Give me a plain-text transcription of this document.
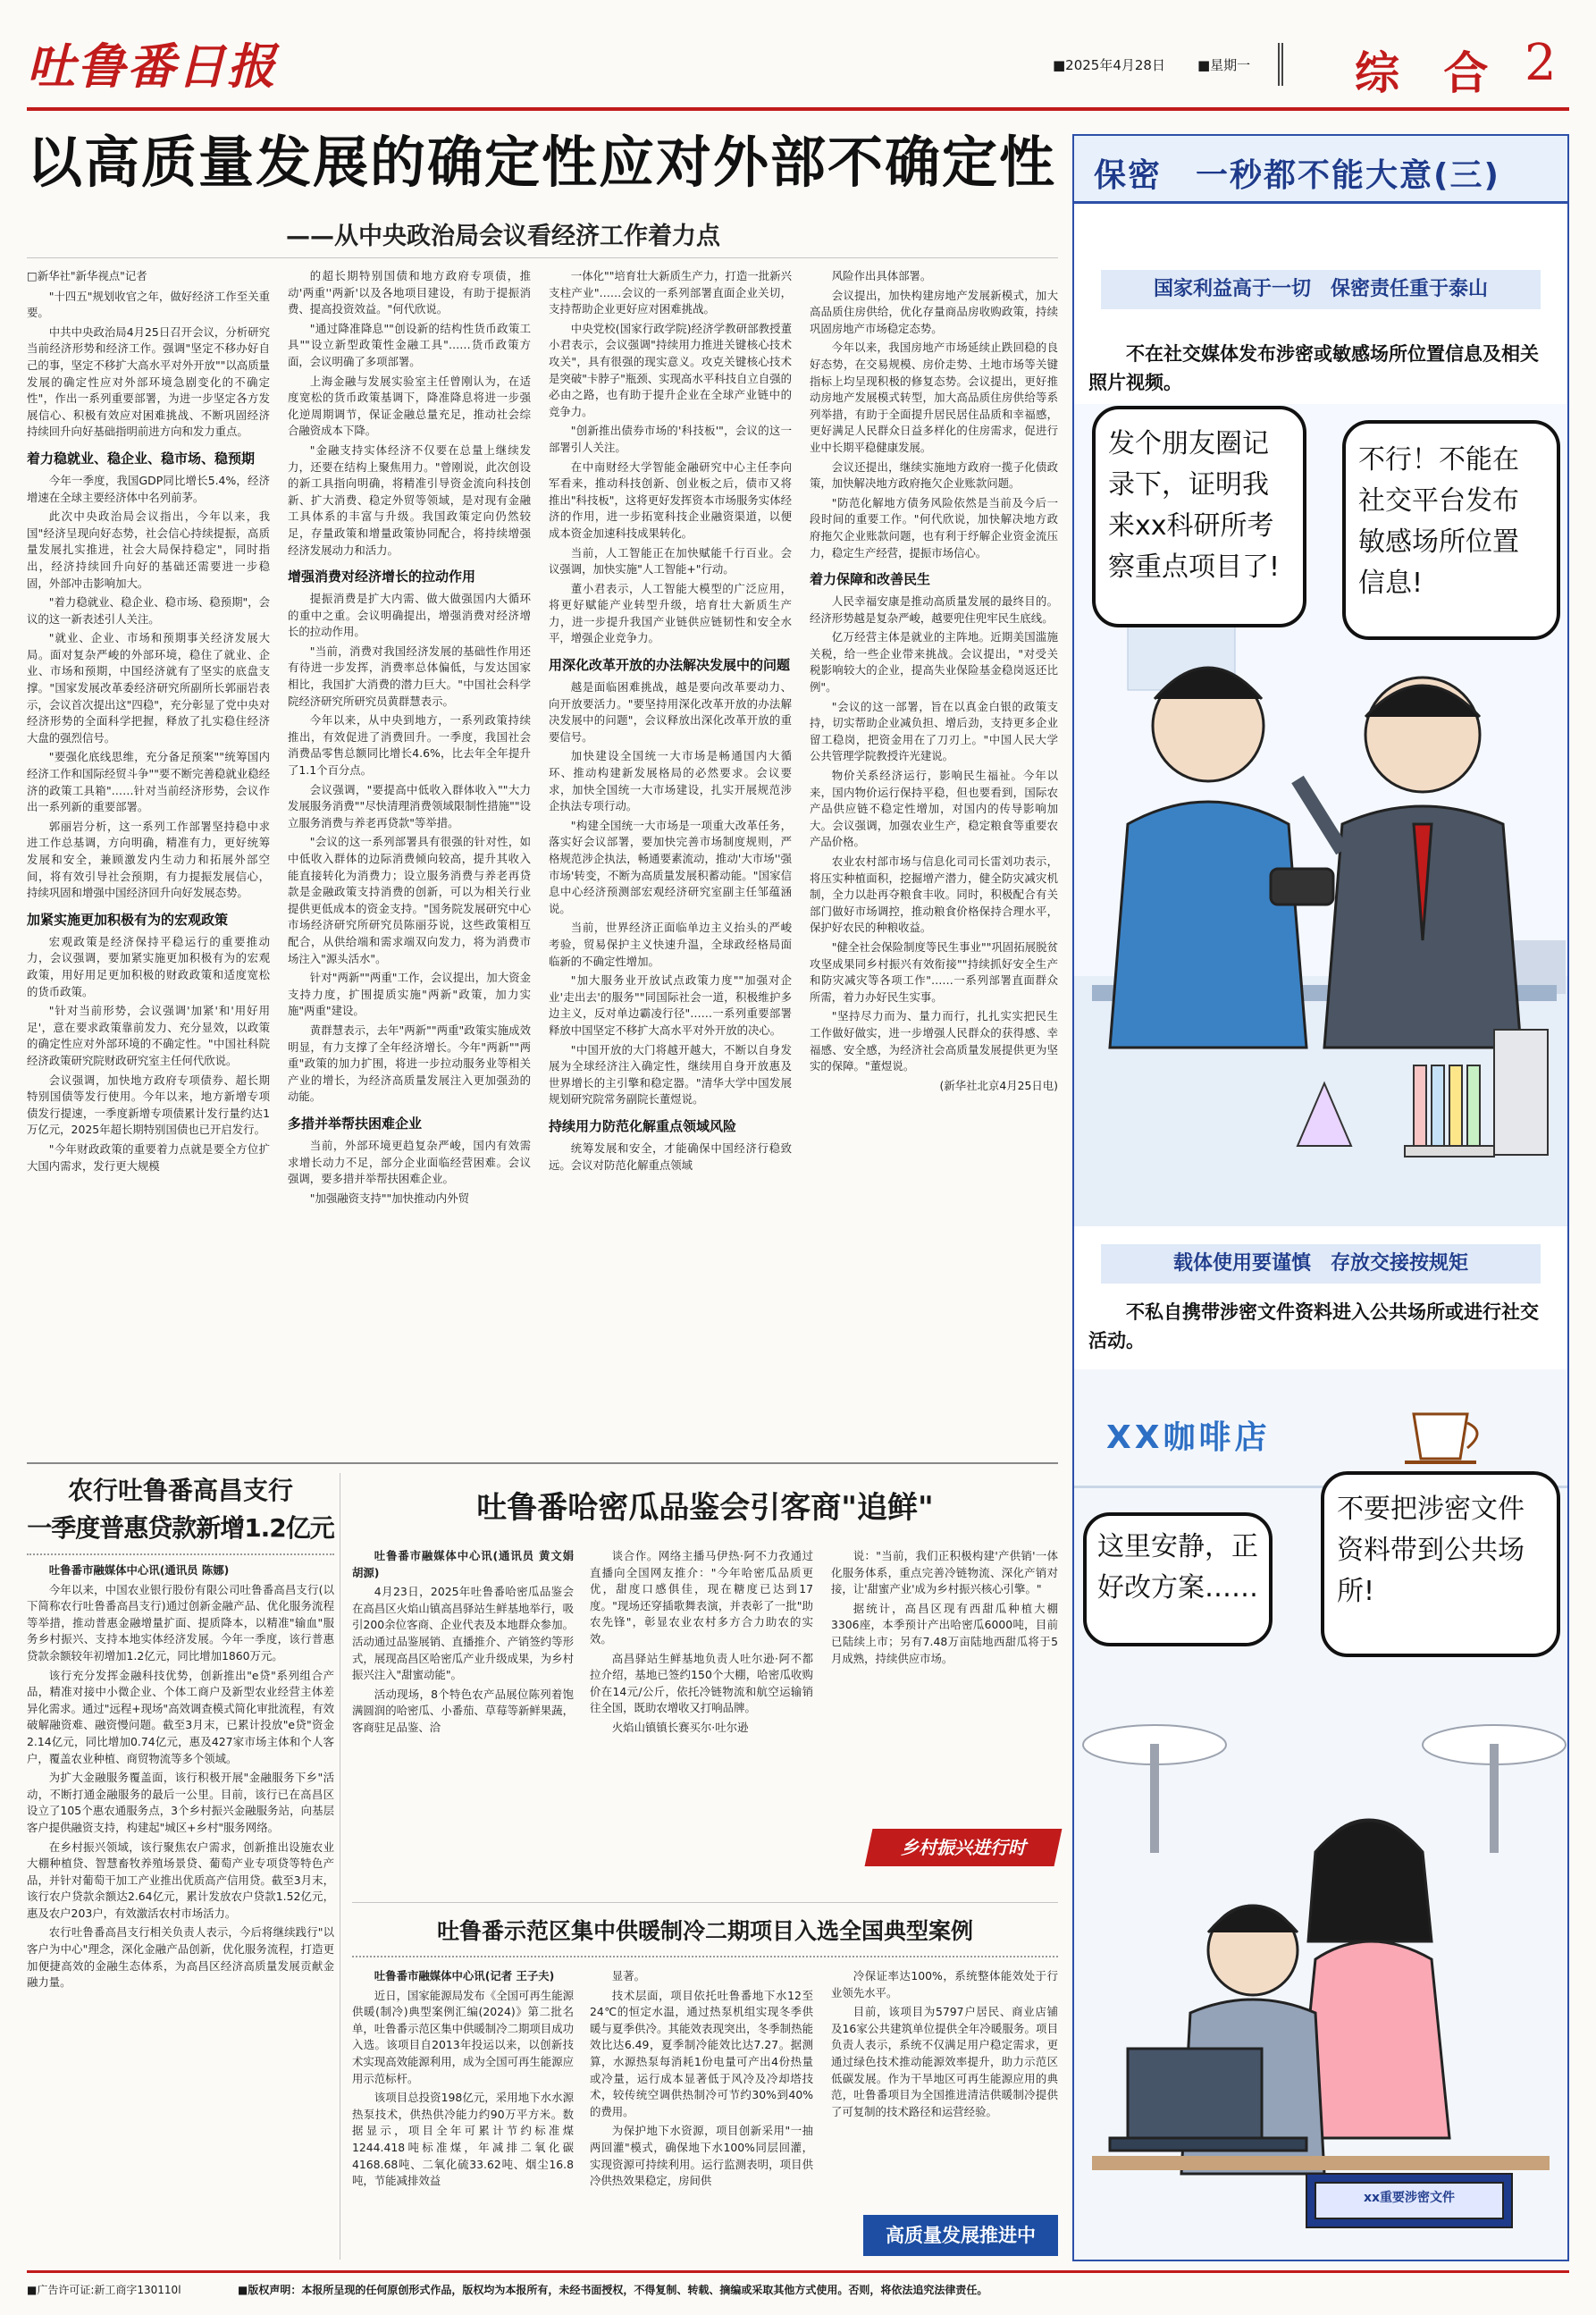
吐鲁番日报	■2025年4月28日 ■星期一 综 合 2
以高质量发展的确定性应对外部不确定性
——从中央政治局会议看经济工作着力点
□新华社"新华视点"记者

"十四五"规划收官之年，做好经济工作至关重要。

中共中央政治局4月25日召开会议，分析研究当前经济形势和经济工作。强调"坚定不移办好自己的事，坚定不移扩大高水平对外开放""以高质量发展的确定性应对外部环境急剧变化的不确定性"，作出一系列重要部署，为进一步坚定各方发展信心、积极有效应对困难挑战、不断巩固经济持续回升向好基础指明前进方向和发力重点。

着力稳就业、稳企业、稳市场、稳预期

今年一季度，我国GDP同比增长5.4%，经济增速在全球主要经济体中名列前茅。

此次中央政治局会议指出，今年以来，我国"经济呈现向好态势，社会信心持续提振，高质量发展扎实推进，社会大局保持稳定"，同时指出，经济持续回升向好的基础还需要进一步稳固，外部冲击影响加大。

"着力稳就业、稳企业、稳市场、稳预期"，会议的这一新表述引人关注。

"就业、企业、市场和预期事关经济发展大局。面对复杂严峻的外部环境，稳住了就业、企业、市场和预期，中国经济就有了坚实的底盘支撑。"国家发展改革委经济研究所副所长郭丽岩表示，会议首次提出这"四稳"，充分彰显了党中央对经济形势的全面科学把握，释放了扎实稳住经济大盘的强烈信号。

"要强化底线思维，充分备足预案""统筹国内经济工作和国际经贸斗争""要不断完善稳就业稳经济的政策工具箱"……针对当前经济形势，会议作出一系列新的重要部署。

郭丽岩分析，这一系列工作部署坚持稳中求进工作总基调，方向明确，精准有力，更好统筹发展和安全，兼顾激发内生动力和拓展外部空间，将有效引导社会预期，有力提振发展信心，持续巩固和增强中国经济回升向好发展态势。

加紧实施更加积极有为的宏观政策

宏观政策是经济保持平稳运行的重要推动力，会议强调，要加紧实施更加积极有为的宏观政策，用好用足更加积极的财政政策和适度宽松的货币政策。

"针对当前形势，会议强调'加紧'和'用好用足'，意在要求政策靠前发力、充分显效，以政策的确定性应对外部环境的不确定性。"中国社科院经济政策研究院财政研究室主任何代欣说。

会议强调，加快地方政府专项债券、超长期特别国债等发行使用。今年以来，地方新增专项债发行提速，一季度新增专项债累计发行量约达1万亿元，2025年超长期特别国债也已开启发行。

"今年财政政策的重要着力点就是要全方位扩大国内需求，发行更大规模

的超长期特别国债和地方政府专项债，推动'两重''两新'以及各地项目建设，有助于提振消费、提高投资效益。"何代欣说。

"通过降准降息""创设新的结构性货币政策工具""设立新型政策性金融工具"……货币政策方面，会议明确了多项部署。

上海金融与发展实验室主任曾刚认为，在适度宽松的货币政策基调下，降准降息将进一步强化逆周期调节，保证金融总量充足，推动社会综合融资成本下降。

"金融支持实体经济不仅要在总量上继续发力，还要在结构上聚焦用力。"曾刚说，此次创设的新工具指向明确，将精准引导资金流向科技创新、扩大消费、稳定外贸等领域，是对现有金融工具体系的丰富与升级。我国政策定向仍然较足，存量政策和增量政策协同配合，将持续增强经济发展动力和活力。

增强消费对经济增长的拉动作用

提振消费是扩大内需、做大做强国内大循环的重中之重。会议明确提出，增强消费对经济增长的拉动作用。

"当前，消费对我国经济发展的基础性作用还有待进一步发挥，消费率总体偏低，与发达国家相比，我国扩大消费的潜力巨大。"中国社会科学院经济研究所研究员黄群慧表示。

今年以来，从中央到地方，一系列政策持续推出，有效促进了消费回升。一季度，我国社会消费品零售总额同比增长4.6%，比去年全年提升了1.1个百分点。

会议强调，"要提高中低收入群体收入""大力发展服务消费""尽快清理消费领域限制性措施""设立服务消费与养老再贷款"等举措。

"会议的这一系列部署具有很强的针对性，如中低收入群体的边际消费倾向较高，提升其收入能直接转化为消费力；设立服务消费与养老再贷款是金融政策支持消费的创新，可以为相关行业提供更低成本的资金支持。"国务院发展研究中心市场经济研究所研究员陈丽芬说，这些政策相互配合，从供给端和需求端双向发力，将为消费市场注入"源头活水"。

针对"两新""两重"工作，会议提出，加大资金支持力度，扩围提质实施"两新"政策，加力实施"两重"建设。

黄群慧表示，去年"两新""两重"政策实施成效明显，有力支撑了全年经济增长。今年"两新""两重"政策的加力扩围，将进一步拉动服务业等相关产业的增长，为经济高质量发展注入更加强劲的动能。

多措并举帮扶困难企业

当前，外部环境更趋复杂严峻，国内有效需求增长动力不足，部分企业面临经营困难。会议强调，要多措并举帮扶困难企业。

"加强融资支持""加快推动内外贸

一体化""培育壮大新质生产力，打造一批新兴支柱产业"……会议的一系列部署直面企业关切，支持帮助企业更好应对困难挑战。

中央党校(国家行政学院)经济学教研部教授董小君表示，会议强调"持续用力推进关键核心技术攻关"，具有很强的现实意义。攻克关键核心技术是突破"卡脖子"瓶颈、实现高水平科技自立自强的必由之路，也有助于提升企业在全球产业链中的竞争力。

"创新推出债券市场的'科技板'"，会议的这一部署引人关注。

在中南财经大学智能金融研究中心主任李向军看来，推动科技创新、创业板之后，债市又将推出"科技板"，这将更好发挥资本市场服务实体经济的作用，进一步拓宽科技企业融资渠道，以便成本资金加速科技成果转化。

当前，人工智能正在加快赋能千行百业。会议强调，加快实施"人工智能+"行动。

董小君表示，人工智能大模型的广泛应用，将更好赋能产业转型升级，培育壮大新质生产力，进一步提升我国产业链供应链韧性和安全水平，增强企业竞争力。

用深化改革开放的办法解决发展中的问题

越是面临困难挑战，越是要向改革要动力、向开放要活力。"要坚持用深化改革开放的办法解决发展中的问题"，会议释放出深化改革开放的重要信号。

加快建设全国统一大市场是畅通国内大循环、推动构建新发展格局的必然要求。会议要求，加快全国统一大市场建设，扎实开展规范涉企执法专项行动。

"构建全国统一大市场是一项重大改革任务，落实好会议部署，要加快完善市场制度规则，严格规范涉企执法，畅通要素流动，推动'大市场''强市场'转变，不断为高质量发展积蓄动能。"国家信息中心经济预测部宏观经济研究室副主任邹蕴涵说。

当前，世界经济正面临单边主义抬头的严峻考验，贸易保护主义快速升温，全球政经格局面临新的不确定性增加。

"加大服务业开放试点政策力度""加强对企业'走出去'的服务""同国际社会一道，积极维护多边主义，反对单边霸凌行径"……一系列重要部署释放中国坚定不移扩大高水平对外开放的决心。

"中国开放的大门将越开越大，不断以自身发展为全球经济注入确定性，继续用自身开放惠及世界增长的主引擎和稳定器。"清华大学中国发展规划研究院常务副院长董煜说。

持续用力防范化解重点领域风险

统筹发展和安全，才能确保中国经济行稳致远。会议对防范化解重点领域

风险作出具体部署。

会议提出，加快构建房地产发展新模式，加大高品质住房供给，优化存量商品房收购政策，持续巩固房地产市场稳定态势。

今年以来，我国房地产市场延续止跌回稳的良好态势，在交易规模、房价走势、土地市场等关键指标上均呈现积极的修复态势。会议提出，更好推动房地产发展模式转型，加大高品质住房供给等系列举措，有助于全面提升居民居住品质和幸福感，更好满足人民群众日益多样化的住房需求，促进行业中长期平稳健康发展。

会议还提出，继续实施地方政府一揽子化债政策，加快解决地方政府拖欠企业账款问题。

"防范化解地方债务风险依然是当前及今后一段时间的重要工作。"何代欣说，加快解决地方政府拖欠企业账款问题，也有利于纾解企业资金流压力，稳定生产经营，提振市场信心。

着力保障和改善民生

人民幸福安康是推动高质量发展的最终目的。经济形势越是复杂严峻，越要兜住兜牢民生底线。

亿万经营主体是就业的主阵地。近期美国滥施关税，给一些企业带来挑战。会议提出，"对受关税影响较大的企业，提高失业保险基金稳岗返还比例"。

"会议的这一部署，旨在以真金白银的政策支持，切实帮助企业减负担、增后劲，支持更多企业留工稳岗，把资金用在了刀刃上。"中国人民大学公共管理学院教授许光建说。

物价关系经济运行，影响民生福祉。今年以来，国内物价运行保持平稳，但也要看到，国际农产品供应链不稳定性增加，对国内的传导影响加大。会议强调，加强农业生产，稳定粮食等重要农产品价格。

农业农村部市场与信息化司司长雷刘功表示，将压实种植面积，挖掘增产潜力，健全防灾减灾机制，全力以赴再夺粮食丰收。同时，积极配合有关部门做好市场调控，推动粮食价格保持合理水平，保护好农民的种粮收益。

"健全社会保险制度等民生事业""巩固拓展脱贫攻坚成果同乡村振兴有效衔接""持续抓好安全生产和防灾减灾等各项工作"……一系列部署直面群众所需，着力办好民生实事。

"坚持尽力而为、量力而行，扎扎实实把民生工作做好做实，进一步增强人民群众的获得感、幸福感、安全感，为经济社会高质量发展提供更为坚实的保障。"董煜说。

(新华社北京4月25日电)

保密　一秒都不能大意(三)
国家利益高于一切　保密责任重于泰山
不在社交媒体发布涉密或敏感场所位置信息及相关照片视频。
发个朋友圈记录下，证明我来xx科研所考察重点项目了!
不行！不能在社交平台发布敏感场所位置信息!
载体使用要谨慎　存放交接按规矩
不私自携带涉密文件资料进入公共场所或进行社交活动。
XX咖啡店
这里安静，正好改方案……
不要把涉密文件资料带到公共场所!
xx重要涉密文件
农行吐鲁番高昌支行
一季度普惠贷款新增1.2亿元

吐鲁番市融媒体中心讯(通讯员 陈娜)

今年以来，中国农业银行股份有限公司吐鲁番高昌支行(以下简称农行吐鲁番高昌支行)通过创新金融产品、优化服务流程等举措，推动普惠金融增量扩面、提质降本，以精准"输血"服务乡村振兴、支持本地实体经济发展。今年一季度，该行普惠贷款余额较年初增加1.2亿元，同比增加1860万元。

该行充分发挥金融科技优势，创新推出"e贷"系列组合产品，精准对接中小微企业、个体工商户及新型农业经营主体差异化需求。通过"远程+现场"高效调查模式简化审批流程，有效破解融资难、融资慢问题。截至3月末，已累计投放"e贷"资金2.14亿元，同比增加0.74亿元，惠及427家市场主体和个人客户，覆盖农业种植、商贸物流等多个领域。

为扩大金融服务覆盖面，该行积极开展"金融服务下乡"活动，不断打通金融服务的最后一公里。目前，该行已在高昌区设立了105个惠农通服务点，3个乡村振兴金融服务站，向基层客户提供融资支持，构建起"城区+乡村"服务网络。

在乡村振兴领域，该行聚焦农户需求，创新推出设施农业大棚种植贷、智慧畜牧养殖场景贷、葡萄产业专项贷等特色产品，并针对葡萄干加工产业推出优质高产信用贷。截至3月末，该行农户贷款余额达2.64亿元，累计发放农户贷款1.52亿元，惠及农户203户，有效激活农村市场活力。

农行吐鲁番高昌支行相关负责人表示，今后将继续践行"以客户为中心"理念，深化金融产品创新，优化服务流程，打造更加便捷高效的金融生态体系，为高昌区经济高质量发展贡献金融力量。

吐鲁番哈密瓜品鉴会引客商"追鲜"

吐鲁番市融媒体中心讯(通讯员 黄文娟 胡源)

4月23日，2025年吐鲁番哈密瓜品鉴会在高昌区火焰山镇高昌驿站生鲜基地举行，吸引200余位客商、企业代表及本地群众参加。活动通过品鉴展销、直播推介、产销签约等形式，展现高昌区哈密瓜产业升级成果，为乡村振兴注入"甜蜜动能"。

活动现场，8个特色农产品展位陈列着饱满圆润的哈密瓜、小番茄、草莓等新鲜果蔬，客商驻足品鉴、洽

谈合作。网络主播马伊热·阿不力孜通过直播向全国网友推介："今年哈密瓜品质更优，甜度口感俱佳，现在糖度已达到17度。"现场还穿插歌舞表演，并表彰了一批"助农先锋"，彰显农业农村多方合力助农的实效。

高昌驿站生鲜基地负责人吐尔逊·阿不都拉介绍，基地已签约150个大棚，哈密瓜收购价在14元/公斤，依托冷链物流和航空运输销往全国，既助农增收又打响品牌。

火焰山镇镇长赛买尔·吐尔逊

说："当前，我们正积极构建'产供销'一体化服务体系，重点完善冷链物流、深化产销对接，让'甜蜜产业'成为乡村振兴核心引擎。"

据统计，高昌区现有西甜瓜种植大棚3306座，本季预计产出哈密瓜6000吨，目前已陆续上市；另有7.48万亩陆地西甜瓜将于5月成熟，持续供应市场。

乡村振兴进行时
吐鲁番示范区集中供暖制冷二期项目入选全国典型案例

吐鲁番市融媒体中心讯(记者 王子夫)

近日，国家能源局发布《全国可再生能源供暖(制冷)典型案例汇编(2024)》第二批名单，吐鲁番示范区集中供暖制冷二期项目成功入选。该项目自2013年投运以来，以创新技术实现高效能源利用，成为全国可再生能源应用示范标杆。

该项目总投资198亿元，采用地下水水源热泵技术，供热供冷能力约90万平方米。数据显示，项目全年可累计节约标准煤1244.418吨标准煤，年减排二氧化碳4168.68吨、二氧化硫33.62吨、烟尘16.8吨，节能减排效益

显著。

技术层面，项目依托吐鲁番地下水12至24℃的恒定水温，通过热泵机组实现冬季供暖与夏季供冷。其能效表现突出，冬季制热能效比达6.49，夏季制冷能效比达7.27。据测算，水源热泵每消耗1份电量可产出4份热量或冷量，运行成本显著低于风冷及冷却塔技术，较传统空调供热制冷可节约30%到40%的费用。

为保护地下水资源，项目创新采用"一抽两回灌"模式，确保地下水100%同层回灌，实现资源可持续利用。运行监测表明，项目供冷供热效果稳定，房间供

冷保证率达100%，系统整体能效处于行业领先水平。

目前，该项目为5797户居民、商业店铺及16家公共建筑单位提供全年冷暖服务。项目负责人表示，系统不仅满足用户稳定需求，更通过绿色技术推动能源效率提升，助力示范区低碳发展。作为干旱地区可再生能源应用的典范，吐鲁番项目为全国推进清洁供暖制冷提供了可复制的技术路径和运营经验。

高质量发展推进中
■广告许可证:新工商字130110l	■版权声明：本报所呈现的任何原创形式作品，版权均为本报所有，未经书面授权，不得复制、转载、摘编或采取其他方式使用。否则，将依法追究法律责任。
